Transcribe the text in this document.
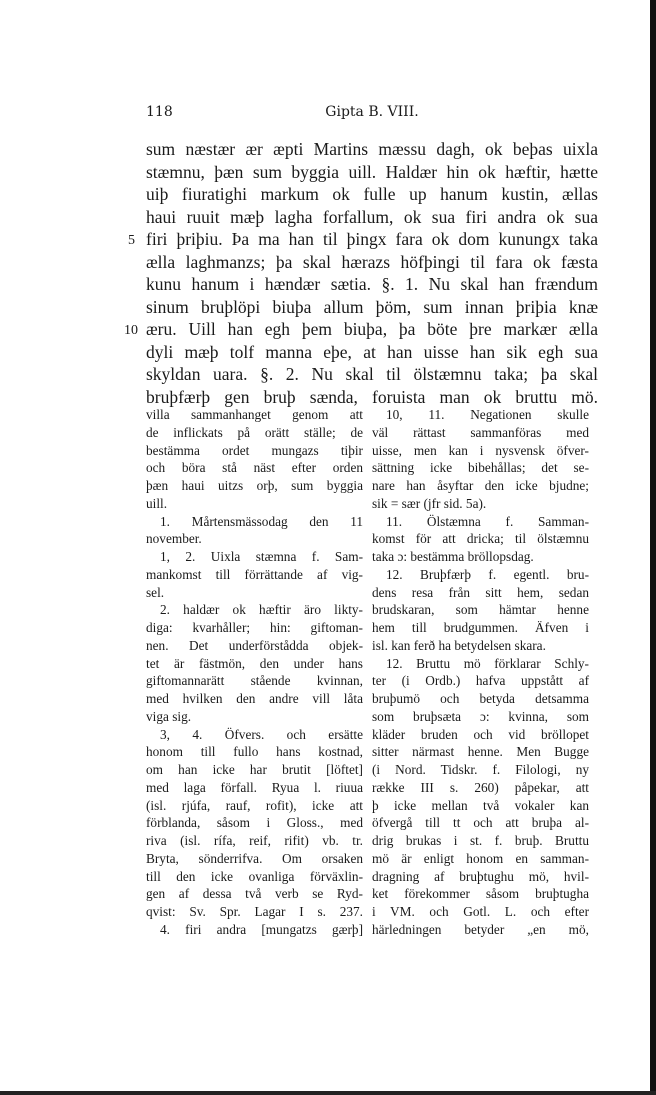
118	Gipta B. VIII.
5
10
sum næstær ær æpti Martins mæssu dagh, ok beþas uixla
stæmnu, þæn sum byggia uill. Haldær hin ok hæftir, hætte
uiþ fiuratighi markum ok fulle up hanum kustin, ællas
haui ruuit mæþ lagha forfallum, ok sua firi andra ok sua
firi þriþiu. Þa ma han til þingx fara ok dom kunungx taka
ælla laghmanzs; þa skal hærazs höfþingi til fara ok fæsta
kunu hanum i hændær sætia. §. 1. Nu skal han frændum
sinum bruþlöpi biuþa allum þöm, sum innan þriþia knæ
æru. Uill han egh þem biuþa, þa böte þre markær ælla
dyli mæþ tolf manna eþe, at han uisse han sik egh sua
skyldan uara. §. 2. Nu skal til ölstæmnu taka; þa skal
bruþfærþ gen bruþ sænda, foruista man ok bruttu mö.
villa sammanhanget genom att
de inflickats på orätt ställe; de
bestämma ordet mungazs tiþir
och böra stå näst efter orden
þæn haui uitzs orþ, sum byggia
uill.
1. Mårtensmässodag den 11
november.
1, 2. Uixla stæmna f. Sam-
mankomst till förrättande af vig-
sel.
2. haldær ok hæftir äro likty-
diga: kvarhåller; hin: giftoman-
nen. Det underförstådda objek-
tet är fästmön, den under hans
giftomannarätt stående kvinnan,
med hvilken den andre vill låta
viga sig.
3, 4. Öfvers. och ersätte
honom till fullo hans kostnad,
om han icke har brutit [löftet]
med laga förfall. Ryua l. riuua
(isl. rjúfa, rauf, rofit), icke att
förblanda, såsom i Gloss., med
riva (isl. rífa, reif, rifit) vb. tr.
Bryta, sönderrifva. Om orsaken
till den icke ovanliga förväxlin-
gen af dessa två verb se Ryd-
qvist: Sv. Spr. Lagar I s. 237.
4. firi andra [mungatzs gærþ]
10, 11. Negationen skulle
väl rättast sammanföras med
uisse, men kan i nysvensk öfver-
sättning icke bibehållas; det se-
nare han åsyftar den icke bjudne;
sik = sær (jfr sid. 5a).
11. Ölstæmna f. Samman-
komst för att dricka; til ölstæmnu
taka ɔ: bestämma bröllopsdag.
12. Bruþfærþ f. egentl. bru-
dens resa från sitt hem, sedan
brudskaran, som hämtar henne
hem till brudgummen. Äfven i
isl. kan ferð ha betydelsen skara.
12. Bruttu mö förklarar Schly-
ter (i Ordb.) hafva uppstått af
bruþumö och betyda detsamma
som bruþsæta ɔ: kvinna, som
kläder bruden och vid bröllopet
sitter närmast henne. Men Bugge
(i Nord. Tidskr. f. Filologi, ny
række III s. 260) påpekar, att
þ icke mellan två vokaler kan
öfvergå till tt och att bruþa al-
drig brukas i st. f. bruþ. Bruttu
mö är enligt honom en samman-
dragning af bruþtughu mö, hvil-
ket förekommer såsom bruþtugha
i VM. och Gotl. L. och efter
härledningen betyder „en mö,
